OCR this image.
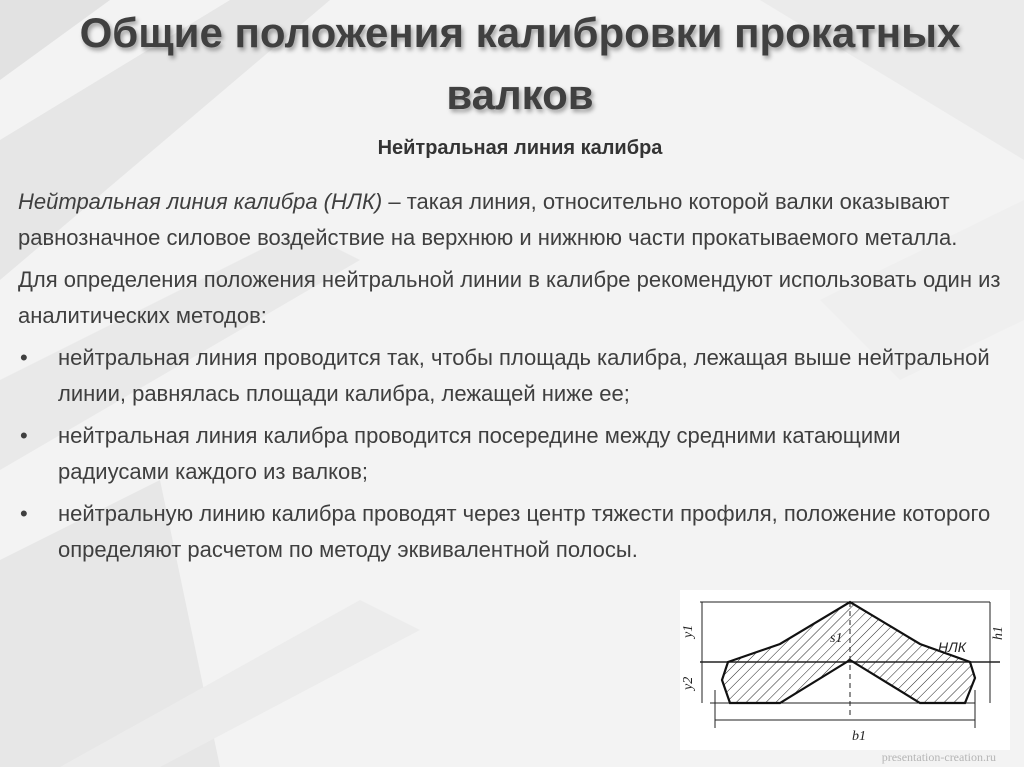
Общие положения калибровки прокатных валков
Нейтральная линия калибра

Нейтральная линия калибра (НЛК) – такая линия, относительно которой валки оказывают равнозначное силовое воздействие на верхнюю и нижнюю части прокатываемого металла.

Для определения положения нейтральной линии в калибре рекомендуют использовать один из аналитических методов:

• нейтральная линия проводится так, чтобы площадь калибра, лежащая выше нейтральной линии, равнялась площади калибра, лежащей ниже ее;
• нейтральная линия калибра проводится посередине между средними катающими радиусами каждого из валков;
• нейтральную линию калибра проводят через центр тяжести профиля, положение которого определяют расчетом по методу эквивалентной полосы.
y1
y2
h1
s1
b1
НЛК
presentation-creation.ru
